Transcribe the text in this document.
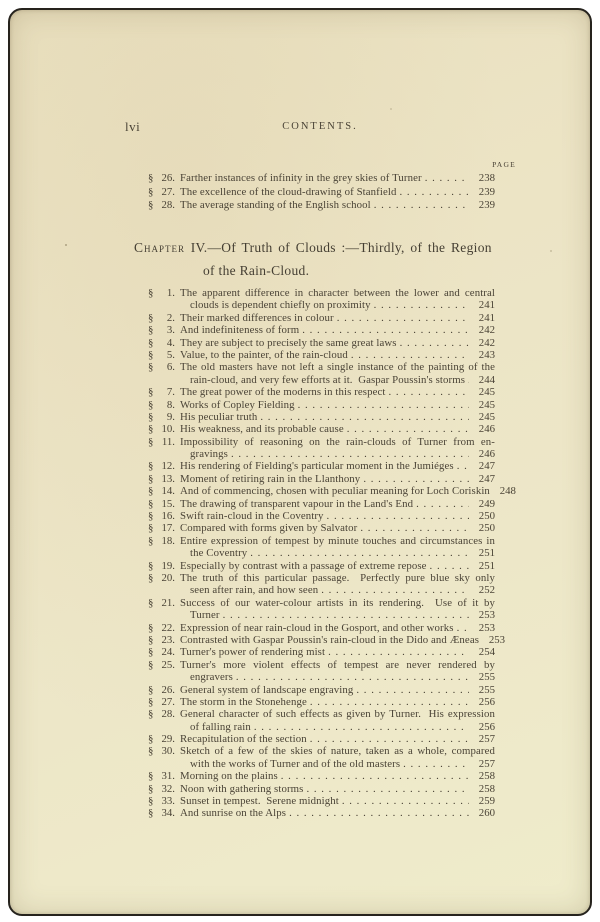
lvi	CONTENTS.
PAGE
§ 26. Farther instances of infinity in the grey skies of Turner . . .	238
§ 27. The excellence of the cloud-drawing of Stanfield . . .	239
§ 28. The average standing of the English school . . .	239
Chapter IV.—Of Truth of Clouds :—Thirdly, of the Region
of the Rain-Cloud.
§	1. The apparent difference in character between the lower and central
clouds is dependent chiefly on proximity . . .	241
§	2. Their marked differences in colour . . .	241
§	3. And indefiniteness of form . . .	242
§	4. They are subject to precisely the same great laws . . .	242
§	5. Value, to the painter, of the rain-cloud . . .	243
§	6. The old masters have not left a single instance of the painting of the
rain-cloud, and very few efforts at it.  Gaspar Poussin's storms . . .	244
§	7. The great power of the moderns in this respect . . .	245
§	8. Works of Copley Fielding . . .	245
§	9. His peculiar truth . . .	245
§ 10. His weakness, and its probable cause . . .	246
§ 11. Impossibility of reasoning on the rain-clouds of Turner from en-
gravings . . .	246
§ 12. His rendering of Fielding's particular moment in the Jumiéges . . .	247
§ 13. Moment of retiring rain in the Llanthony . . .	247
§ 14. And of commencing, chosen with peculiar meaning for Loch Coriskin 248
§ 15. The drawing of transparent vapour in the Land's End . . .	249
§ 16. Swift rain-cloud in the Coventry . . .	250
§ 17. Compared with forms given by Salvator . . .	250
§ 18. Entire expression of tempest by minute touches and circumstances in
the Coventry . . .	251
§ 19. Especially by contrast with a passage of extreme repose . . .	251
§ 20. The truth of this particular passage.  Perfectly pure blue sky only
seen after rain, and how seen . . .	252
§ 21. Success of our water-colour artists in its rendering.  Use of it by
Turner . . .	253
§ 22. Expression of near rain-cloud in the Gosport, and other works . . .	253
§ 23. Contrasted with Gaspar Poussin's rain-cloud in the Dido and Æneas 253
§ 24. Turner's power of rendering mist . . .	254
§ 25. Turner's more violent effects of tempest are never rendered by
engravers . . .	255
§ 26. General system of landscape engraving . . .	255
§ 27. The storm in the Stonehenge . . .	256
§ 28. General character of such effects as given by Turner.  His expression
of falling rain . . .	256
§ 29. Recapitulation of the section . . .	257
§ 30. Sketch of a few of the skies of nature, taken as a whole, compared
with the works of Turner and of the old masters . . .	257
§ 31. Morning on the plains . . .	258
§ 32. Noon with gathering storms . . .	258
§ 33. Sunset in tempest.  Serene midnight . . .	259
§ 34. And sunrise on the Alps . . .	260
